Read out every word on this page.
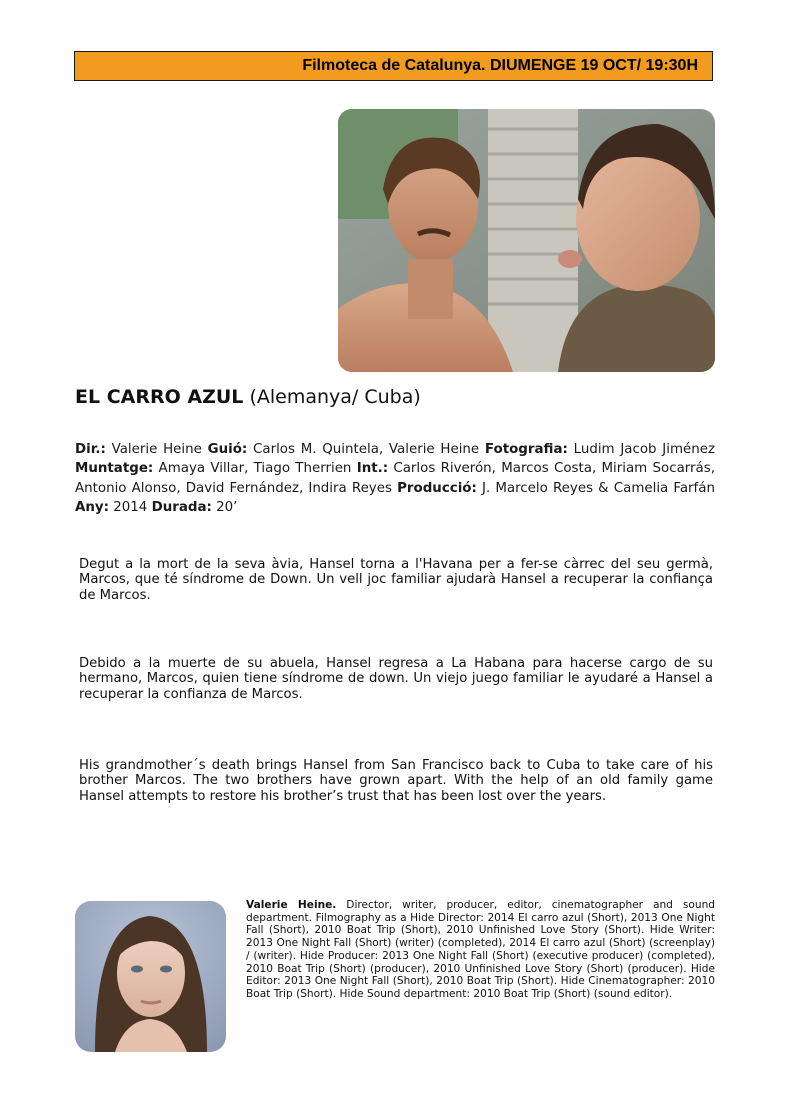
Filmoteca de Catalunya. DIUMENGE 19 OCT/ 19:30H
EL CARRO AZUL (Alemanya/ Cuba)
Dir.: Valerie Heine Guió: Carlos M. Quintela, Valerie Heine Fotografia: Ludim Jacob Jiménez Muntatge: Amaya Villar, Tiago Therrien Int.: Carlos Riverón, Marcos Costa, Miriam Socarrás, Antonio Alonso, David Fernández, Indira Reyes Producció: J. Marcelo Reyes & Camelia Farfán Any: 2014 Durada: 20’

Degut a la mort de la seva àvia, Hansel torna a l'Havana per a fer-se càrrec del seu germà, Marcos, que té síndrome de Down. Un vell joc familiar ajudarà Hansel a recuperar la confiança de Marcos.

Debido a la muerte de su abuela, Hansel regresa a La Habana para hacerse cargo de su hermano, Marcos, quien tiene síndrome de down. Un viejo juego familiar le ayudaré a Hansel a recuperar la confianza de Marcos.

His grandmother´s death brings Hansel from San Francisco back to Cuba to take care of his brother Marcos. The two brothers have grown apart. With the help of an old family game Hansel attempts to restore his brother’s trust that has been lost over the years.

Valerie Heine. Director, writer, producer, editor, cinematographer and sound department. Filmography as a Hide Director: 2014 El carro azul (Short), 2013 One Night Fall (Short), 2010 Boat Trip (Short), 2010 Unfinished Love Story (Short). Hide Writer: 2013 One Night Fall (Short) (writer) (completed), 2014 El carro azul (Short) (screenplay) / (writer). Hide Producer: 2013 One Night Fall (Short) (executive producer) (completed), 2010 Boat Trip (Short) (producer), 2010 Unfinished Love Story (Short) (producer). Hide Editor: 2013 One Night Fall (Short), 2010 Boat Trip (Short). Hide Cinematographer: 2010 Boat Trip (Short). Hide Sound department: 2010 Boat Trip (Short) (sound editor).
